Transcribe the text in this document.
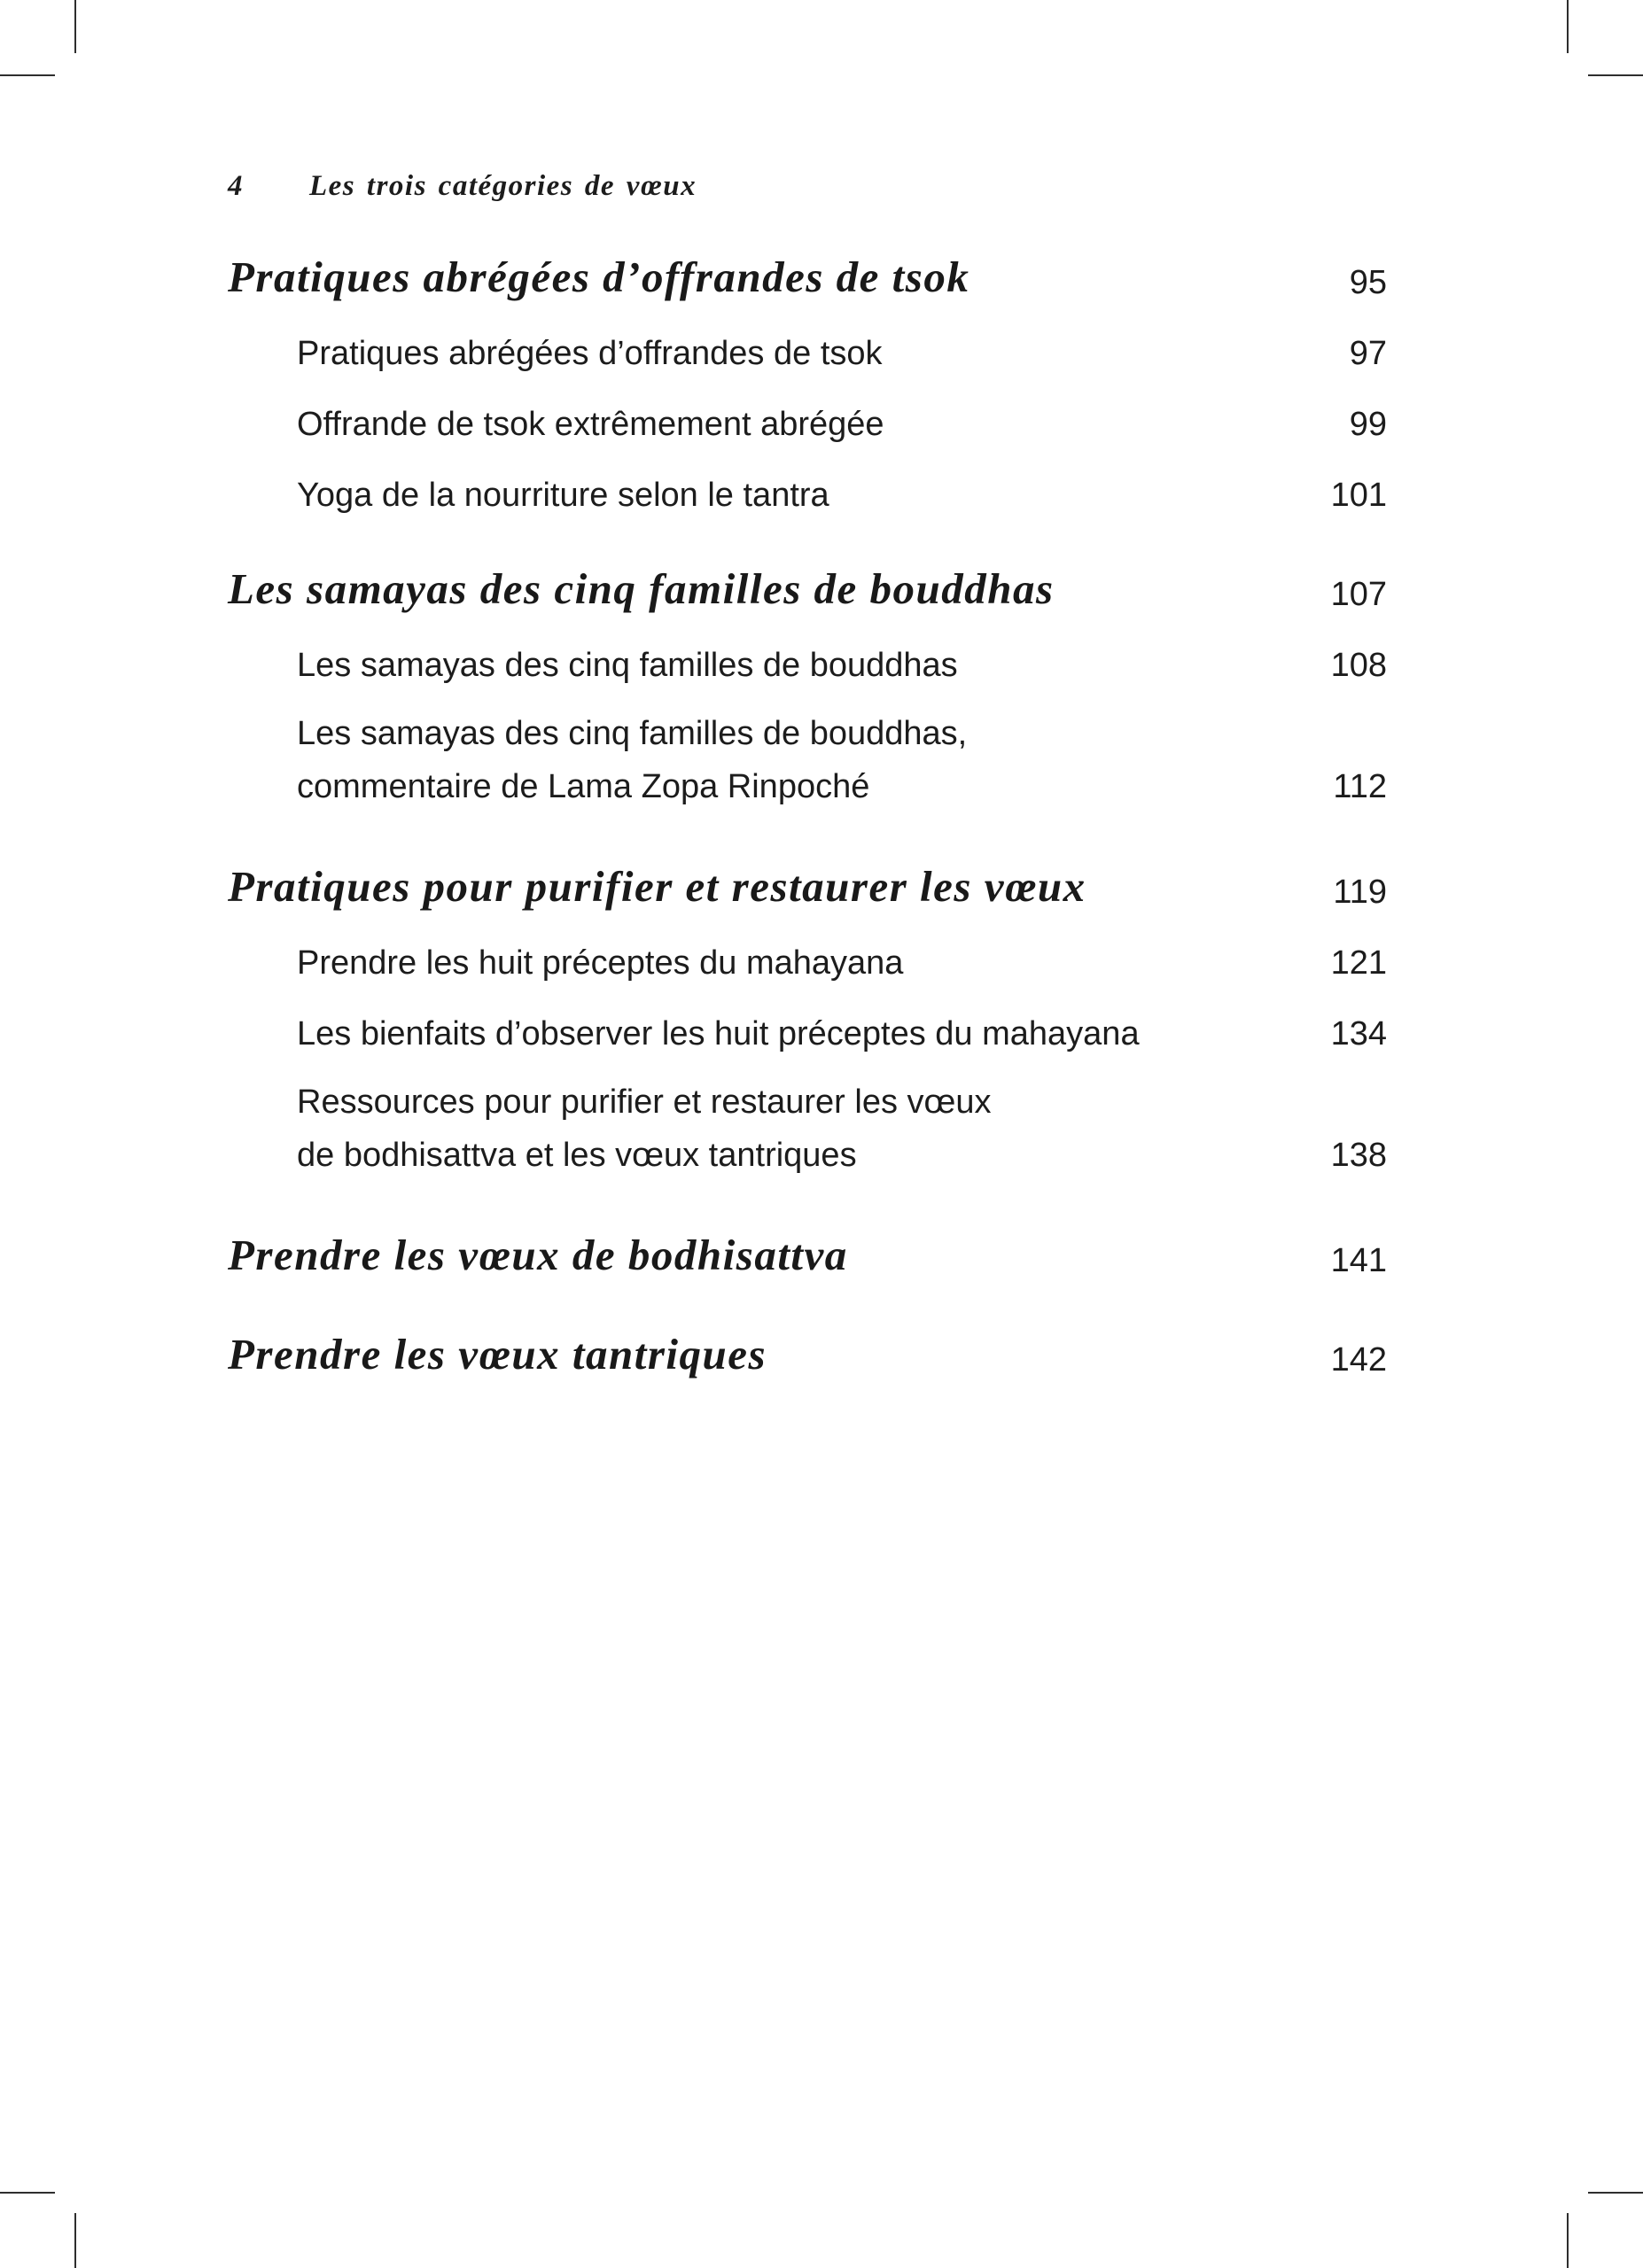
4	Les trois catégories de vœux
Pratiques abrégées d’offrandes de tsok	95
Pratiques abrégées d’offrandes de tsok	97
Offrande de tsok extrêmement abrégée	99
Yoga de la nourriture selon le tantra	101
Les samayas des cinq familles de bouddhas	107
Les samayas des cinq familles de bouddhas	108
Les samayas des cinq familles de bouddhas,
commentaire de Lama Zopa Rinpoché	112
Pratiques pour purifier et restaurer les vœux	119
Prendre les huit préceptes du mahayana	121
Les bienfaits d’observer les huit préceptes du mahayana	134
Ressources pour purifier et restaurer les vœux
de bodhisattva et les vœux tantriques	138
Prendre les vœux de bodhisattva	141
Prendre les vœux tantriques	142
